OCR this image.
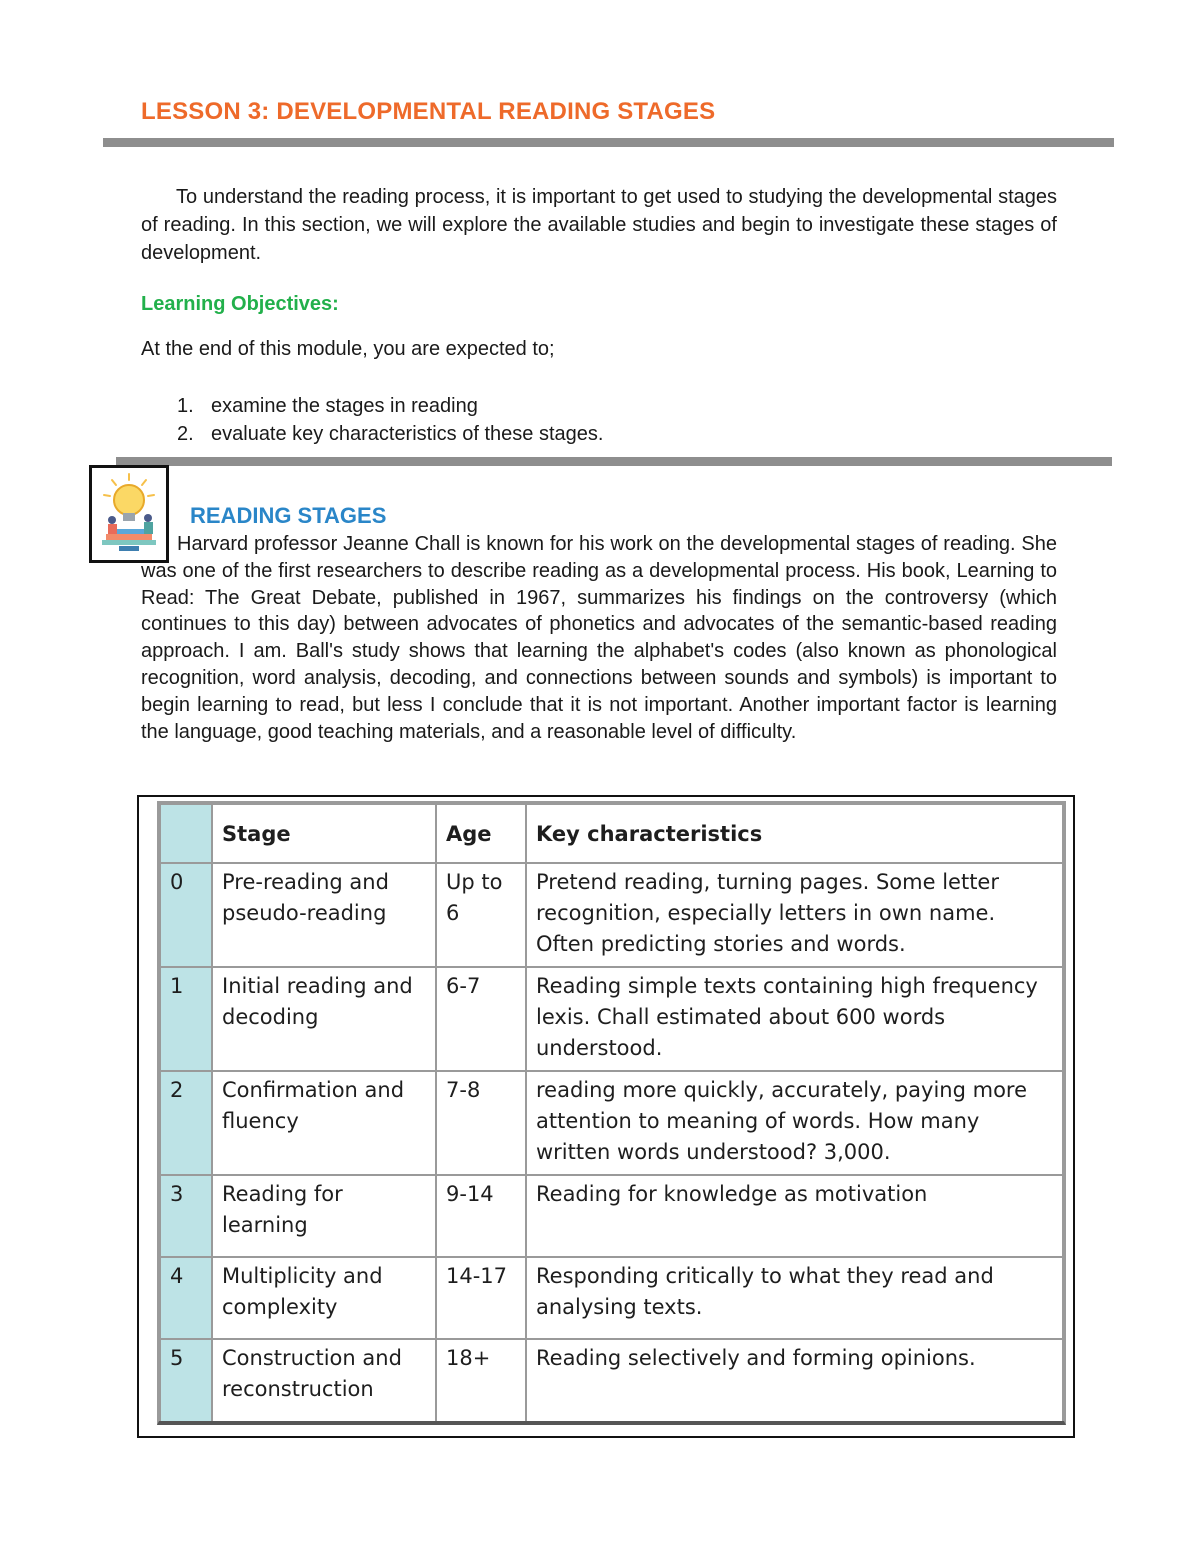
LESSON 3: DEVELOPMENTAL READING STAGES

To understand the reading process, it is important to get used to studying the developmental stages of reading. In this section, we will explore the available studies and begin to investigate these stages of development.

Learning Objectives:
At the end of this module, you are expected to;
1. examine the stages in reading
2. evaluate key characteristics of these stages.
READING STAGES

Harvard professor Jeanne Chall is known for his work on the developmental stages of reading. She was one of the first researchers to describe reading as a developmental process. His book, Learning to Read: The Great Debate, published in 1967, summarizes his findings on the controversy (which continues to this day) between advocates of phonetics and advocates of the semantic-based reading approach. I am. Ball's study shows that learning the alphabet's codes (also known as phonological recognition, word analysis, decoding, and connections between sounds and symbols) is important to begin learning to read, but less I conclude that it is not important. Another important factor is learning the language, good teaching materials, and a reasonable level of difficulty.

	Stage	Age	Key characteristics
0	Pre-reading and pseudo-reading	Up to 6	Pretend reading, turning pages. Some letter recognition, especially letters in own name. Often predicting stories and words.
1	Initial reading and decoding	6-7	Reading simple texts containing high frequency lexis. Chall estimated about 600 words understood.
2	Confirmation and fluency	7-8	reading more quickly, accurately, paying more attention to meaning of words. How many written words understood? 3,000.
3	Reading for learning	9-14	Reading for knowledge as motivation
4	Multiplicity and complexity	14-17	Responding critically to what they read and analysing texts.
5	Construction and reconstruction	18+	Reading selectively and forming opinions.
